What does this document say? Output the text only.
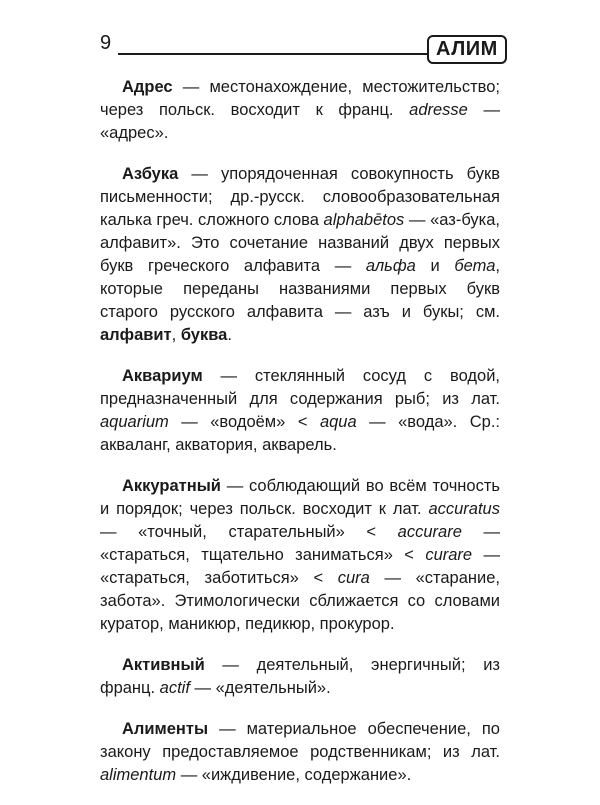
9	АЛИМ

Адрес — местонахождение, местожительство; через польск. восходит к франц. adresse — «адрес».

Азбука — упорядоченная совокупность букв письменности; др.-русск. словообразовательная калька греч. сложного слова alphabētos — «аз-бука, алфавит». Это сочетание названий двух первых букв греческого алфавита — альфа и бета, которые переданы названиями первых букв старого русского алфавита — азъ и букы; см. алфавит, буква.

Аквариум — стеклянный сосуд с водой, предназначенный для содержания рыб; из лат. aquarium — «водоём» < aqua — «вода». Ср.: акваланг, акватория, акварель.

Аккуратный — соблюдающий во всём точность и порядок; через польск. восходит к лат. accuratus — «точный, старательный» < accurare — «стараться, тщательно заниматься» < curare — «стараться, заботиться» < cura — «старание, забота». Этимологически сближается со словами куратор, маникюр, педикюр, прокурор.

Активный — деятельный, энергичный; из франц. actif — «деятельный».

Алименты — материальное обеспечение, по закону предоставляемое родственникам; из лат. alimentum — «иждивение, содержание».
